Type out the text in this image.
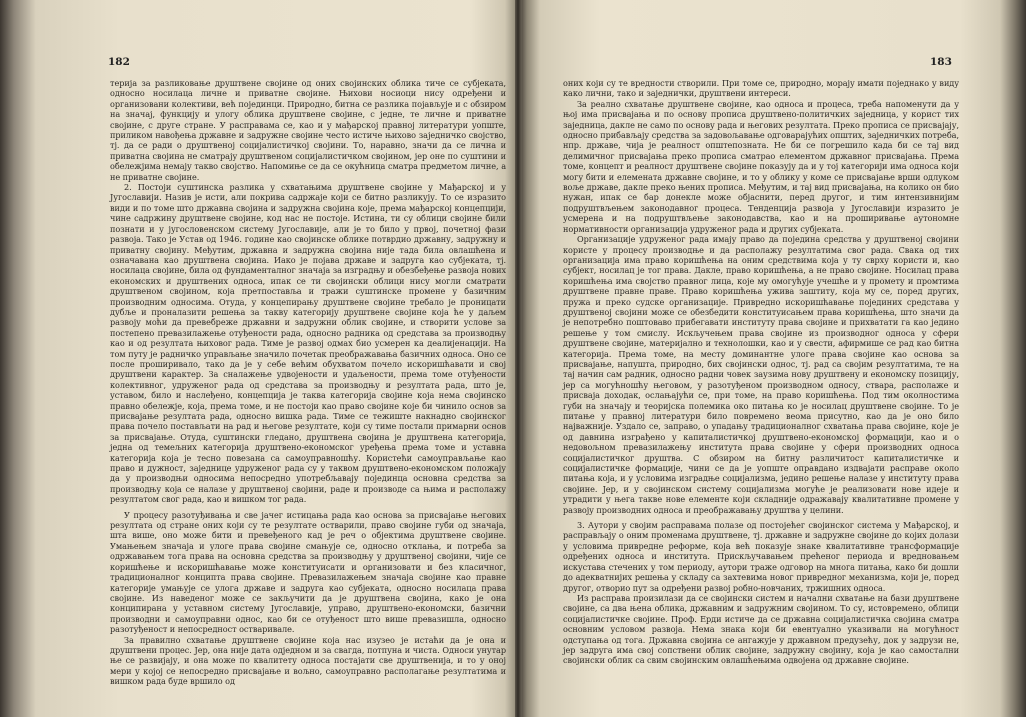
182

терија за разликовање друштвене својине од оних својинских облика тиче се субјеката, односно носилаца личне и приватне својине. Њихови носиоци нису одређени и организовани колективи, већ појединци. Природно, битна се разлика појављује и с обзиром на значај, функцију и улогу облика друштвене својине, с једне, те личне и приватне својине, с друге стране. У расправама се, као и у мађарској правној литератури уопште, приликом навођења државне и задружне својине често истиче њихово заједничко својство, тј. да се ради о друштвеној социјалистичкој својини. То, наравно, значи да се лична и приватна својина не сматрају друштвеном социјалистичком својином, јер оне по суштини и обележјима немају такво својство. Напомиње се да се окућница сматра предметом личне, а не приватне својине.

2. Постоји суштинска разлика у схватањима друштвене својине у Мађарској и у Југославији. Назив је исти, али покрива садржаје који се битно разликују. То се изразито види и по томе што државна својина и задружна својина које, према мађарској концепцији, чине садржину друштвене својине, код нас не постоје. Истина, ти су облици својине били познати и у југословенском систему Југославије, али је то било у првој, почетној фази развоја. Тако је Устав од 1946. године као својинске облике потврдио државну, задружну и приватну својину. Међутим, државна и задружна својина није тада била овлашћена и означавана као друштвена својина. Иако је појава државе и задруга као субјеката, тј. носилаца својине, била од фундаменталног значаја за изградњу и обезбеђење развоја нових економских и друштвених односа, ипак се ти својински облици нису могли сматрати друштвеном својином, која претпоставља и тражи суштинске промене у базичним производним односима. Отуда, у концепирању друштвене својине требало је проницати дубље и проналазити решења за такву категорију друштвене својине која ће у даљем развоју моћи да превебреже државни и задружни облик својине, и створити услове за постепено превазилажење отуђености рада, односно радника од средстава за производњу као и од резултата њиховог рада. Тиме је развој одмах био усмерен ка деалијенацији. На том путу је радничко управљање значило почетак преображавања базичних односа. Оно се после проширивало, тако да је у себе већим обухватом почело искоришћавати и свој друштвени карактер. За сналажење удвојености и удаљености, према томе отуђености колективног, удруженог рада од средстава за производњу и резултата рада, што је, уставом, било и наслеђено, концепција је таква категорија својине која нема својинско правно обележје, која, према томе, и не постоји као право својине које би чинило основ за присвајање резултата рада, односно вишка рада. Тиме се тежиште накнадно својинског права почело постављати на рад и његове резултате, који су тиме постали примарни основ за присвајање. Отуда, суштински гледано, друштвена својина је друштвена категорија, једна од темељних категорија друштвено-економског уређења према томе и уставна категорија која је тесно повезана са самоуправношћу. Користећи самоуправљање као право и дужност, заједнице удруженог рада су у таквом друштвено-економском положају да у производњи односима непосредно употребљавају појединца основна средства за производњу која се налазе у друштвеној својини, раде и производе са њима и располажу резултатом свог рада, као и вишком тог рада.

У процесу разотуђивања и све јачег истицања рада као основа за присвајање његових резултата од стране оних који су те резултате остварили, право својине губи од значаја, штa више, оно може бити и превеђеногo кад је реч о објектима друштвене својине. Умањењем значаја и улоге права својине смањује се, односно отклања, и потреба за одржавањем тога права на основна средства за производњу у друштвеној својини, чије се коришћење и искоришћавање може конституисати и организовати и без класичног, традиционалног конципта права својине. Превазилажењем значаја својине као правне категорије умањује се улога државе и задруга као субјеката, односно носилаца права својине. Из наведеног може се закључити да је друштвена својина, како је она конципирана у уставном систему Југославије, управо, друштвено-економски, базични производни и самоуправни однос, као би се отуђеност што више превазишла, односно разотуђеност и непосредност остваривале.

За правилно схватање друштвене својине која нас изузео је истаћи да је она и друштвени процес. Јер, она није дата одједном и за свагда, потпуна и чиста. Односи унутар ње се развијају, и она може по квалитету односа постајати све друштвенија, и то у оној мери у којој се непосредно присвајање и вољно, самоуправно располагање резултатима и вишком рада буде вршило од

183

оних који су те вредности створили. При томе се, природно, морају имати поједнако у виду како лични, тако и заједнички, друштвени интереси.

За реално схватање друштвене својине, као односа и процеса, треба напоменути да у њој има присвајања и по основу прописа друштвено-политичких заједница, у корист тих заједница, дакле не само по основу рада и његових резултата. Преко прописа се присвајају, односно прибављају средства за задовољавање одговарајућих општих, заједничких потреба, нпр. државе, чија је реалност општепознатa. Не би се погрешило када би се тај вид делимичног присвајања преко прописа сматрао елементом државног присвајања. Према томе, концепт и реалност друштвене својине показују да и у тој категорији има односа који могу бити и елемената државне својине, и то у облику у коме се присвајање врши одлуком воље државе, дакле преко њених прописа. Међутим, и тај вид присвајања, на колико он био нужан, ипак се бар донекле може објаснити, перед другог, и тим интензивнијим подруштвљењем законодавног процеса. Тенденција развоја у Југославији изразито је усмерена и на подруштвљење законодавства, као и на проширивање аутономне нормативности организација удруженог рада и других субјеката.

Организације удруженог рада имају право да поједина средства у друштвеној својини користе у процесу производње и да располажу резултатима свог рада. Свака од тих организација има право коришћења на оним средствима која у ту сврху користи и, као субјект, носилац је тог права. Дакле, право коришћења, а не право својине. Носилац права коришћења има својство правног лица, које му омогућује учешће и у промету и промтима друштвене правне праве. Право коришћења ужива заштиту, која му се, поред других, пружа и преко судске организације. Привредно искоришћавање појединих средстава у друштвеној својини може се обезбедити конституисањем права коришћења, што значи да је непотребно поштоваво прибегавати институту права својине и прихватати га као једино решење у том смислу. Искључењем права својине из производног односа у сфери друштвене својине, материјално и технолошки, као и у свести, афирмише се рад као битна категорија. Према томе, на месту доминантне улоге права својине као основа за присвајање, напушта, природно, бих својински однос, тј. рад са својим резултатима, те на тај начин сам радник, односно радни човек заузима нову друштвену и економску позицију, јер са могућношћу његовом, у разотуђеном производном односу, ствара, располаже и присваја доходак, ослањајући се, при томе, на право коришћења. Под тим околностима губи на значају и теоријска полемика око питања ко је носилац друштвене својине. То је питање у правној литератури било повремено веома присутно, као да је оно било најважније. Уздало се, заправо, о упадању традиционалног схватања права својине, које је од давнина изграђено у капиталистичкој друштвено-економској формацији, као и о недовољном превазилажењу института права својине у сфери производних односа социјалистичког друштва. С обзиром на битну различитост капиталистичке и социјалистичке формације, чини се да је уопште оправдано издвајати расправе около питања која, и у условима изградње социјализма, једино решење налазе у институту права својине. Јер, и у својинском систему социјализма могуће је реализовати нове идеје и утрадити у њега такве нове елементе који складније одражавају квалитативне промене у развоју производних односа и преображавању друштва у целини.

3. Аутори у својим расправама полазе од постојећег својинског система у Мађарској, и расправљају о оним променама друштвене, тј. државне и задружне својине до којих долази у условима привредне реформе, која већ показује знаке квалитативне трансформације одређених односа и института. Прискључавањем прећеног периода и вредновањем искустава стечених у том периоду, аутори траже одговор на многа питања, како би дошли до адекватнијих решења у складу са захтевима новог привредног механизма, који је, поред другог, отворио пут за одређени развој робно-новчаних, тржишних односа.

Из расправа произилази да се својински систем и начални схватање на бази друштвене својине, са два њена облика, државним и задружним својином. То су, истоврeмено, облици социјалистичке својине. Проф. Ерди истиче да се државна социјалистичка својина сматра основним условом развоја. Нема знака који би евентуално указивали на могућност одступања од тога. Државна својина се ангажује у државном предузећу, док у задрузи не, јер задруга има свој сопствени облик својине, задружну својину, која је као самостални својински облик са свим својинским овлашћењима одвојена од државне својине.
